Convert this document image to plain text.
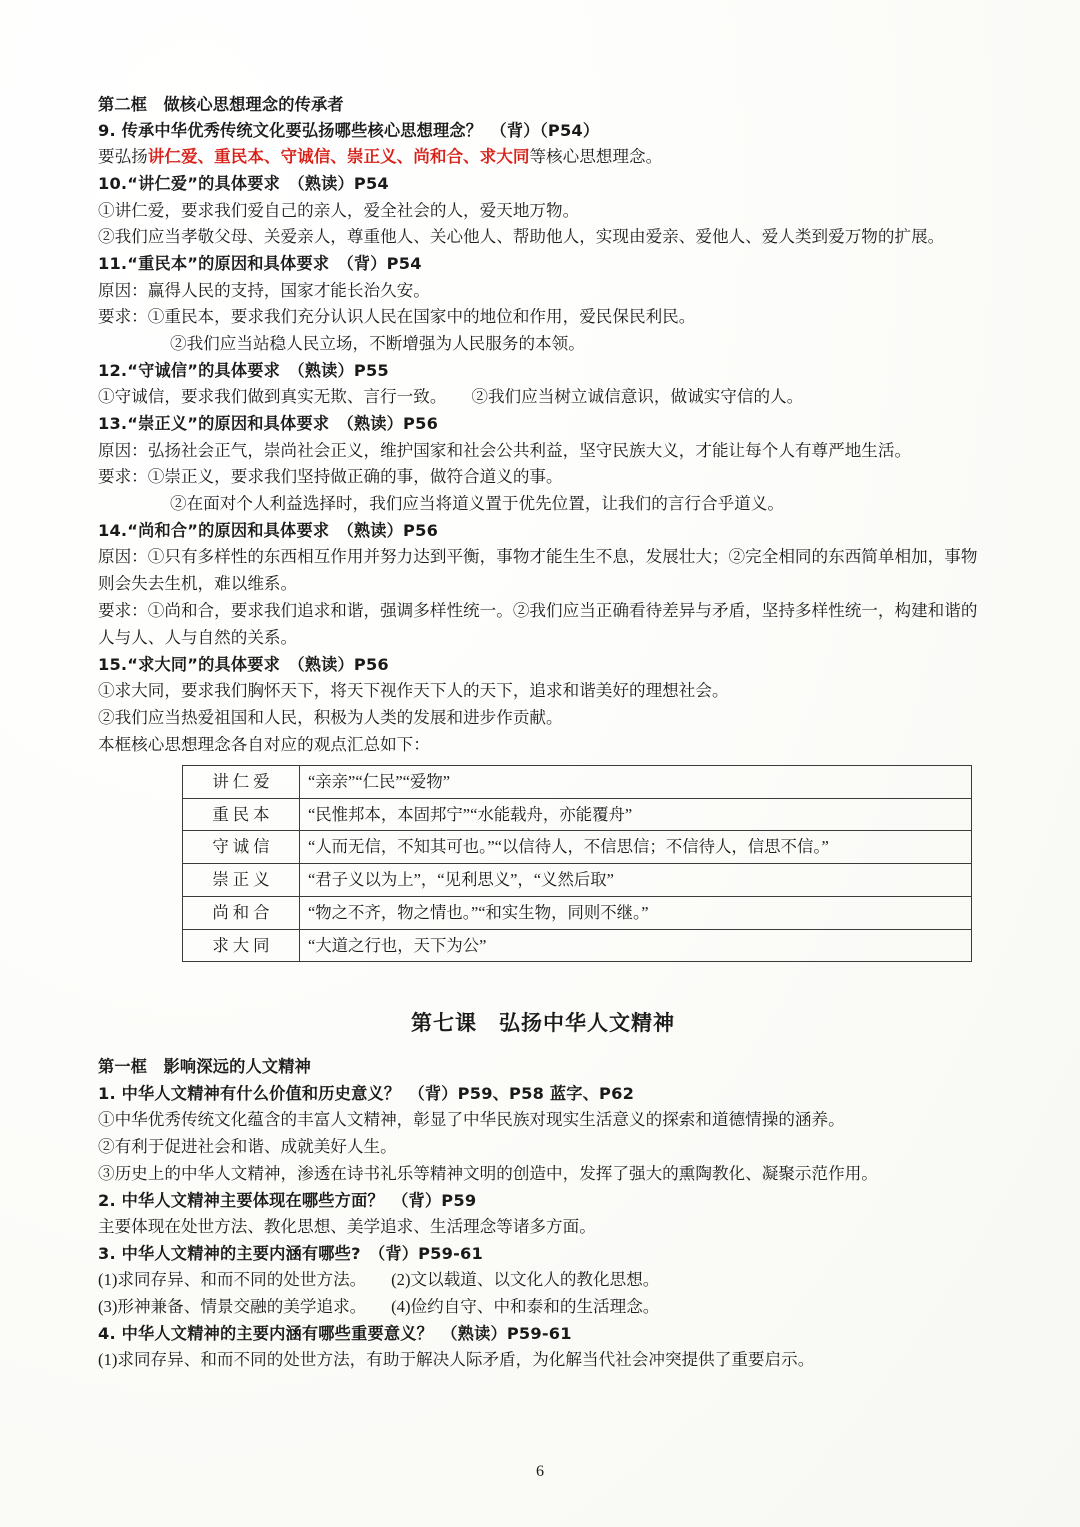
第二框　做核心思想理念的传承者

9. 传承中华优秀传统文化要弘扬哪些核心思想理念？　（背）（P54）

要弘扬讲仁爱、重民本、守诚信、崇正义、尚和合、求大同等核心思想理念。

10.“讲仁爱”的具体要求　（熟读）P54

①讲仁爱，要求我们爱自己的亲人，爱全社会的人，爱天地万物。

②我们应当孝敬父母、关爱亲人，尊重他人、关心他人、帮助他人，实现由爱亲、爱他人、爱人类到爱万物的扩展。

11.“重民本”的原因和具体要求　（背）P54

原因：赢得人民的支持，国家才能长治久安。

要求：①重民本，要求我们充分认识人民在国家中的地位和作用，爱民保民利民。

②我们应当站稳人民立场，不断增强为人民服务的本领。

12.“守诚信”的具体要求　（熟读）P55

①守诚信，要求我们做到真实无欺、言行一致。　　②我们应当树立诚信意识，做诚实守信的人。

13.“崇正义”的原因和具体要求　（熟读）P56

原因：弘扬社会正气，崇尚社会正义，维护国家和社会公共利益，坚守民族大义，才能让每个人有尊严地生活。

要求：①崇正义，要求我们坚持做正确的事，做符合道义的事。

②在面对个人利益选择时，我们应当将道义置于优先位置，让我们的言行合乎道义。

14.“尚和合”的原因和具体要求　（熟读）P56

原因：①只有多样性的东西相互作用并努力达到平衡，事物才能生生不息，发展壮大；②完全相同的东西简单相加，事物则会失去生机，难以维系。

要求：①尚和合，要求我们追求和谐，强调多样性统一。②我们应当正确看待差异与矛盾，坚持多样性统一，构建和谐的人与人、人与自然的关系。

15.“求大同”的具体要求　（熟读）P56

①求大同，要求我们胸怀天下，将天下视作天下人的天下，追求和谐美好的理想社会。

②我们应当热爱祖国和人民，积极为人类的发展和进步作贡献。

本框核心思想理念各自对应的观点汇总如下：

讲仁爱	“亲亲”“仁民”“爱物”
重民本	“民惟邦本，本固邦宁”“水能载舟，亦能覆舟”
守诚信	“人而无信，不知其可也。”“以信待人，不信思信；不信待人，信思不信。”
崇正义	“君子义以为上”，“见利思义”，“义然后取”
尚和合	“物之不齐，物之情也。”“和实生物，同则不继。”
求大同	“大道之行也，天下为公”
第七课　弘扬中华人文精神

第一框　影响深远的人文精神

1. 中华人文精神有什么价值和历史意义？　（背）P59、P58 蓝字、P62

①中华优秀传统文化蕴含的丰富人文精神，彰显了中华民族对现实生活意义的探索和道德情操的涵养。

②有利于促进社会和谐、成就美好人生。

③历史上的中华人文精神，渗透在诗书礼乐等精神文明的创造中，发挥了强大的熏陶教化、凝聚示范作用。

2. 中华人文精神主要体现在哪些方面？　（背）P59

主要体现在处世方法、教化思想、美学追求、生活理念等诸多方面。

3. 中华人文精神的主要内涵有哪些?　（背）P59-61

(1)求同存异、和而不同的处世方法。　　(2)文以载道、以文化人的教化思想。

(3)形神兼备、情景交融的美学追求。　　(4)俭约自守、中和泰和的生活理念。

4. 中华人文精神的主要内涵有哪些重要意义？　（熟读）P59-61

(1)求同存异、和而不同的处世方法，有助于解决人际矛盾，为化解当代社会冲突提供了重要启示。

6
